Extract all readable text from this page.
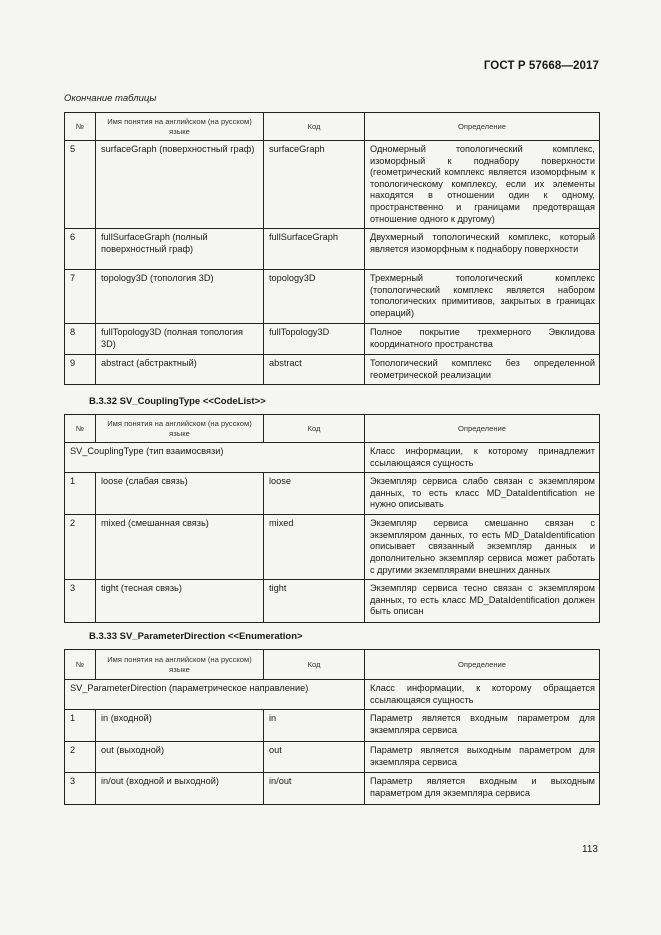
ГОСТ Р 57668—2017
Окончание таблицы
№	Имя понятия на английском (на русском) языке	Код	Определение
5	surfaceGraph (поверхностный граф)	surfaceGraph	Одномерный топологический комплекс, изоморфный к поднабору поверхности (геометрический комплекс является изоморфным к топологическому комплексу, если их элементы находятся в отношении один к одному, пространственно и границами предотвращая отношение одного к другому)
6	fullSurfaceGraph (полный поверхностный граф)	fullSurfaceGraph	Двухмерный топологический комплекс, который является изоморфным к поднабору поверхности
7	topology3D (топология 3D)	topology3D	Трехмерный топологический комплекс (топологический комплекс является набором топологических примитивов, закрытых в границах операций)
8	fullTopology3D (полная топология 3D)	fullTopology3D	Полное покрытие трехмерного Эвклидова координатного пространства
9	abstract (абстрактный)	abstract	Топологический комплекс без определенной геометрической реализации
B.3.32 SV_CouplingType <<CodeList>>
№	Имя понятия на английском (на русском) языке	Код	Определение
SV_CouplingType (тип взаимосвязи)			Класс информации, к которому принадлежит ссылающаяся сущность
1	loose (слабая связь)	loose	Экземпляр сервиса слабо связан с экземпляром данных, то есть класс MD_DataIdentification не нужно описывать
2	mixed (смешанная связь)	mixed	Экземпляр сервиса смешанно связан с экземпляром данных, то есть MD_DataIdentification описывает связанный экземпляр данных и дополнительно экземпляр сервиса может работать с другими экземплярами внешних данных
3	tight (тесная связь)	tight	Экземпляр сервиса тесно связан с экземпляром данных, то есть класс MD_DataIdentification должен быть описан
B.3.33 SV_ParameterDirection <<Enumeration>
№	Имя понятия на английском (на русском) языке	Код	Определение
SV_ParameterDirection (параметрическое направление)			Класс информации, к которому обращается ссылающаяся сущность
1	in (входной)	in	Параметр является входным параметром для экземпляра сервиса
2	out (выходной)	out	Параметр является выходным параметром для экземпляра сервиса
3	in/out (входной и выходной)	in/out	Параметр является входным и выходным параметром для экземпляра сервиса
113
